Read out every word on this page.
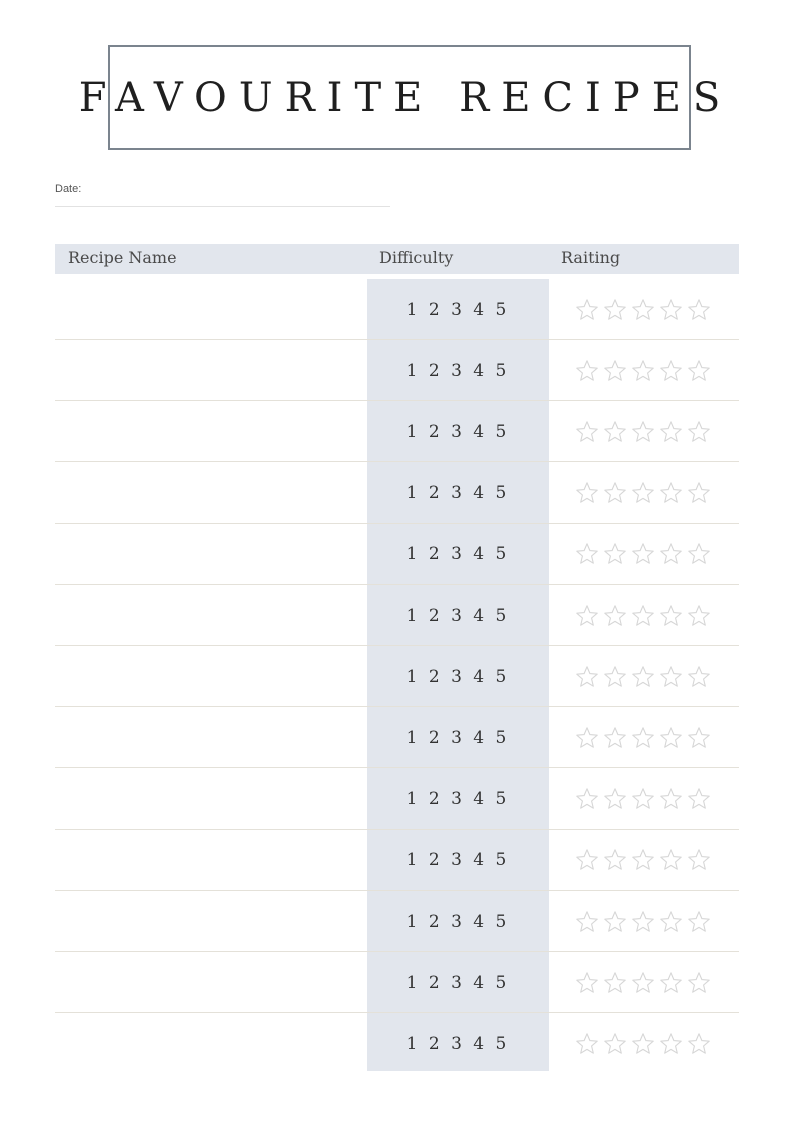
FAVOURITE RECIPES
Date:
Recipe Name	Difficulty	Raiting
1 2 3 4 5
1 2 3 4 5
1 2 3 4 5
1 2 3 4 5
1 2 3 4 5
1 2 3 4 5
1 2 3 4 5
1 2 3 4 5
1 2 3 4 5
1 2 3 4 5
1 2 3 4 5
1 2 3 4 5
1 2 3 4 5
